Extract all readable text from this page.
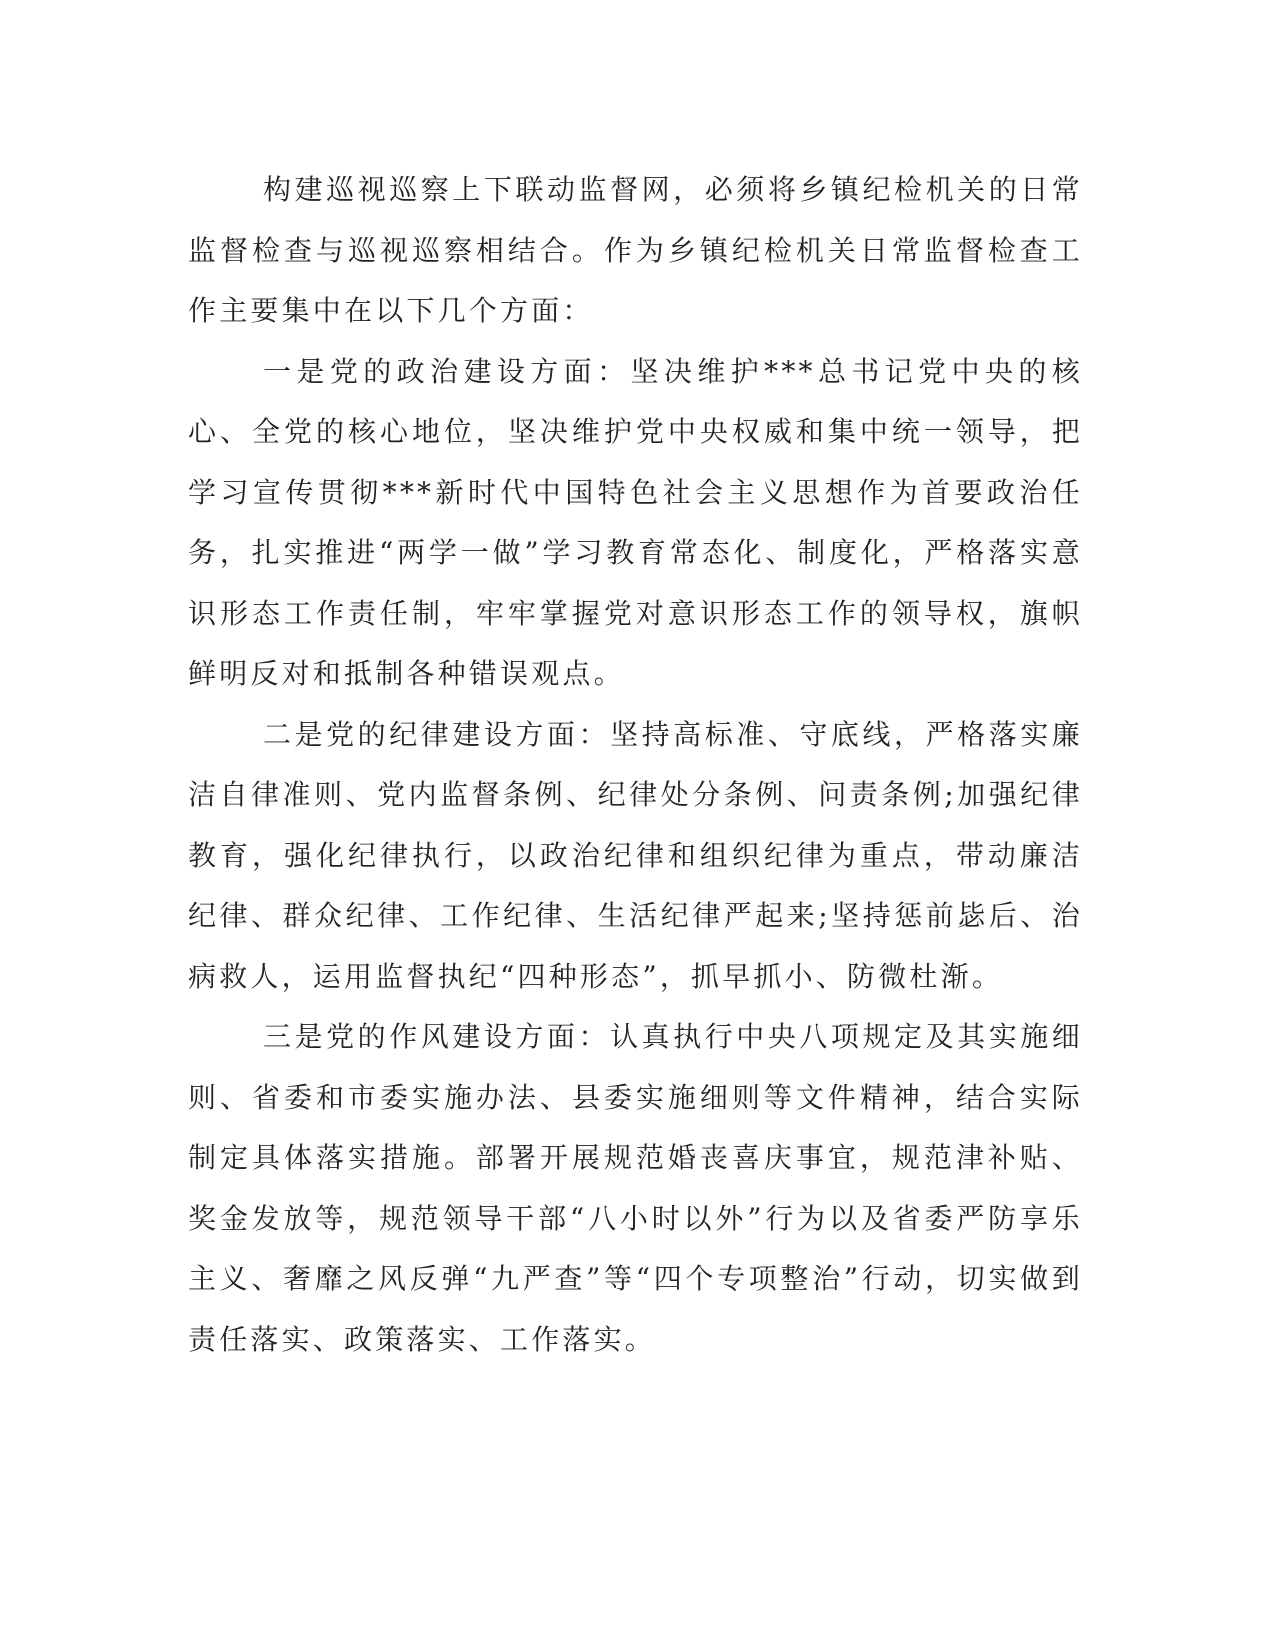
构建巡视巡察上下联动监督网，必须将乡镇纪检机关的日常监督检查与巡视巡察相结合。作为乡镇纪检机关日常监督检查工作主要集中在以下几个方面：

一是党的政治建设方面：坚决维护***总书记党中央的核心、全党的核心地位，坚决维护党中央权威和集中统一领导，把学习宣传贯彻***新时代中国特色社会主义思想作为首要政治任务，扎实推进“两学一做”学习教育常态化、制度化，严格落实意识形态工作责任制，牢牢掌握党对意识形态工作的领导权，旗帜鲜明反对和抵制各种错误观点。

二是党的纪律建设方面：坚持高标准、守底线，严格落实廉洁自律准则、党内监督条例、纪律处分条例、问责条例;加强纪律教育，强化纪律执行，以政治纪律和组织纪律为重点，带动廉洁纪律、群众纪律、工作纪律、生活纪律严起来;坚持惩前毖后、治病救人，运用监督执纪“四种形态”，抓早抓小、防微杜渐。

三是党的作风建设方面：认真执行中央八项规定及其实施细则、省委和市委实施办法、县委实施细则等文件精神，结合实际制定具体落实措施。部署开展规范婚丧喜庆事宜，规范津补贴、奖金发放等，规范领导干部“八小时以外”行为以及省委严防享乐主义、奢靡之风反弹“九严查”等“四个专项整治”行动，切实做到责任落实、政策落实、工作落实。
